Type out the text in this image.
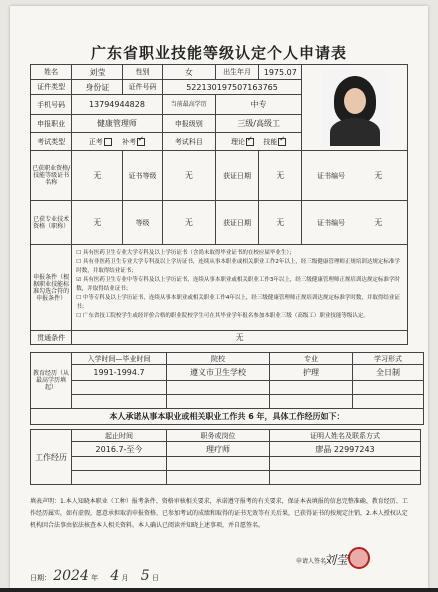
广东省职业技能等级认定个人申请表
姓名	刘莹	性别	女	出生年月	1975.07	

证件类型	身份证	证件号码	522130197507163765			
手机号码	13794944828		当前最高学历	中专		
申报职业	健康管理师		申报级别	三级/高级工		
考试类型	正考 补考✓		考试科目	理论 ✓ 技能✓
已获职业资格/技能等级证书名称	无	证书等级	无	获证日期	无	证书编号 无
已获专业技术资格（职称）	无	等级	无	获证日期	无	证书编号 无
申报条件（根据职业技能标准勾选合符的申报条件）	☐ 具有医药卫生专业大学专科及以上学历证书（含尚未取得毕业证书的在校应届毕业生）；

☐ 具有非医药卫生专业大学专科及以上学历证书，连续从事本职业或相关职业工作2年以上，经三级健康管理师正规培训达规定标准学时数，并取得结业证书；

☑ 具有医药卫生专业中等专科及以上学历证书，连续从事本职业或相关职业工作3年以上，经三级健康管理师正规培训达规定标准学时数，并取得结业证书；

☐ 中等专科及以上学历证书，连续从事本职业或相关职业工作4年以上，经三级健康管理师正规培训达规定标准学时数，并取得结业证书；

☐ 广东省技工院校学生或经评价合格的职业院校学生可在其毕业学年报名参加本职业三级（高级工）职业技能等级认定。					

贯通条件	无					
教育经历（从最高学历填起）	入学时间—毕业时间	院校	专业	学习形式
	1991-1994.7	遵义市卫生学校	护理	全日制

本人承诺从事本职业或相关职业工作共 6 年，具体工作经历如下：				
工作经历	起止时间	职务或岗位	证明人姓名及联系方式
	2016.7-至今	理疗师	廖晶 22997243

填表声明：1.本人知晓本职业（工种）报考条件、资格审核相关要求，承诺遵守报考的有关要求，保证本表填报的信息完整准确、教育经历、工作经历属实，如有虚假，愿意承担取消申报资格、已参加考试的成绩和取得的证书无效等有关后果，已获得证书的按规定注销，2.本人授权认定机构因合法事由依法核查本人相关资料。本人确认已阅读并知晓上述事项，并自愿签名。
申请人签名：
刘莹
日期： 2024 年 4 月 5 日
